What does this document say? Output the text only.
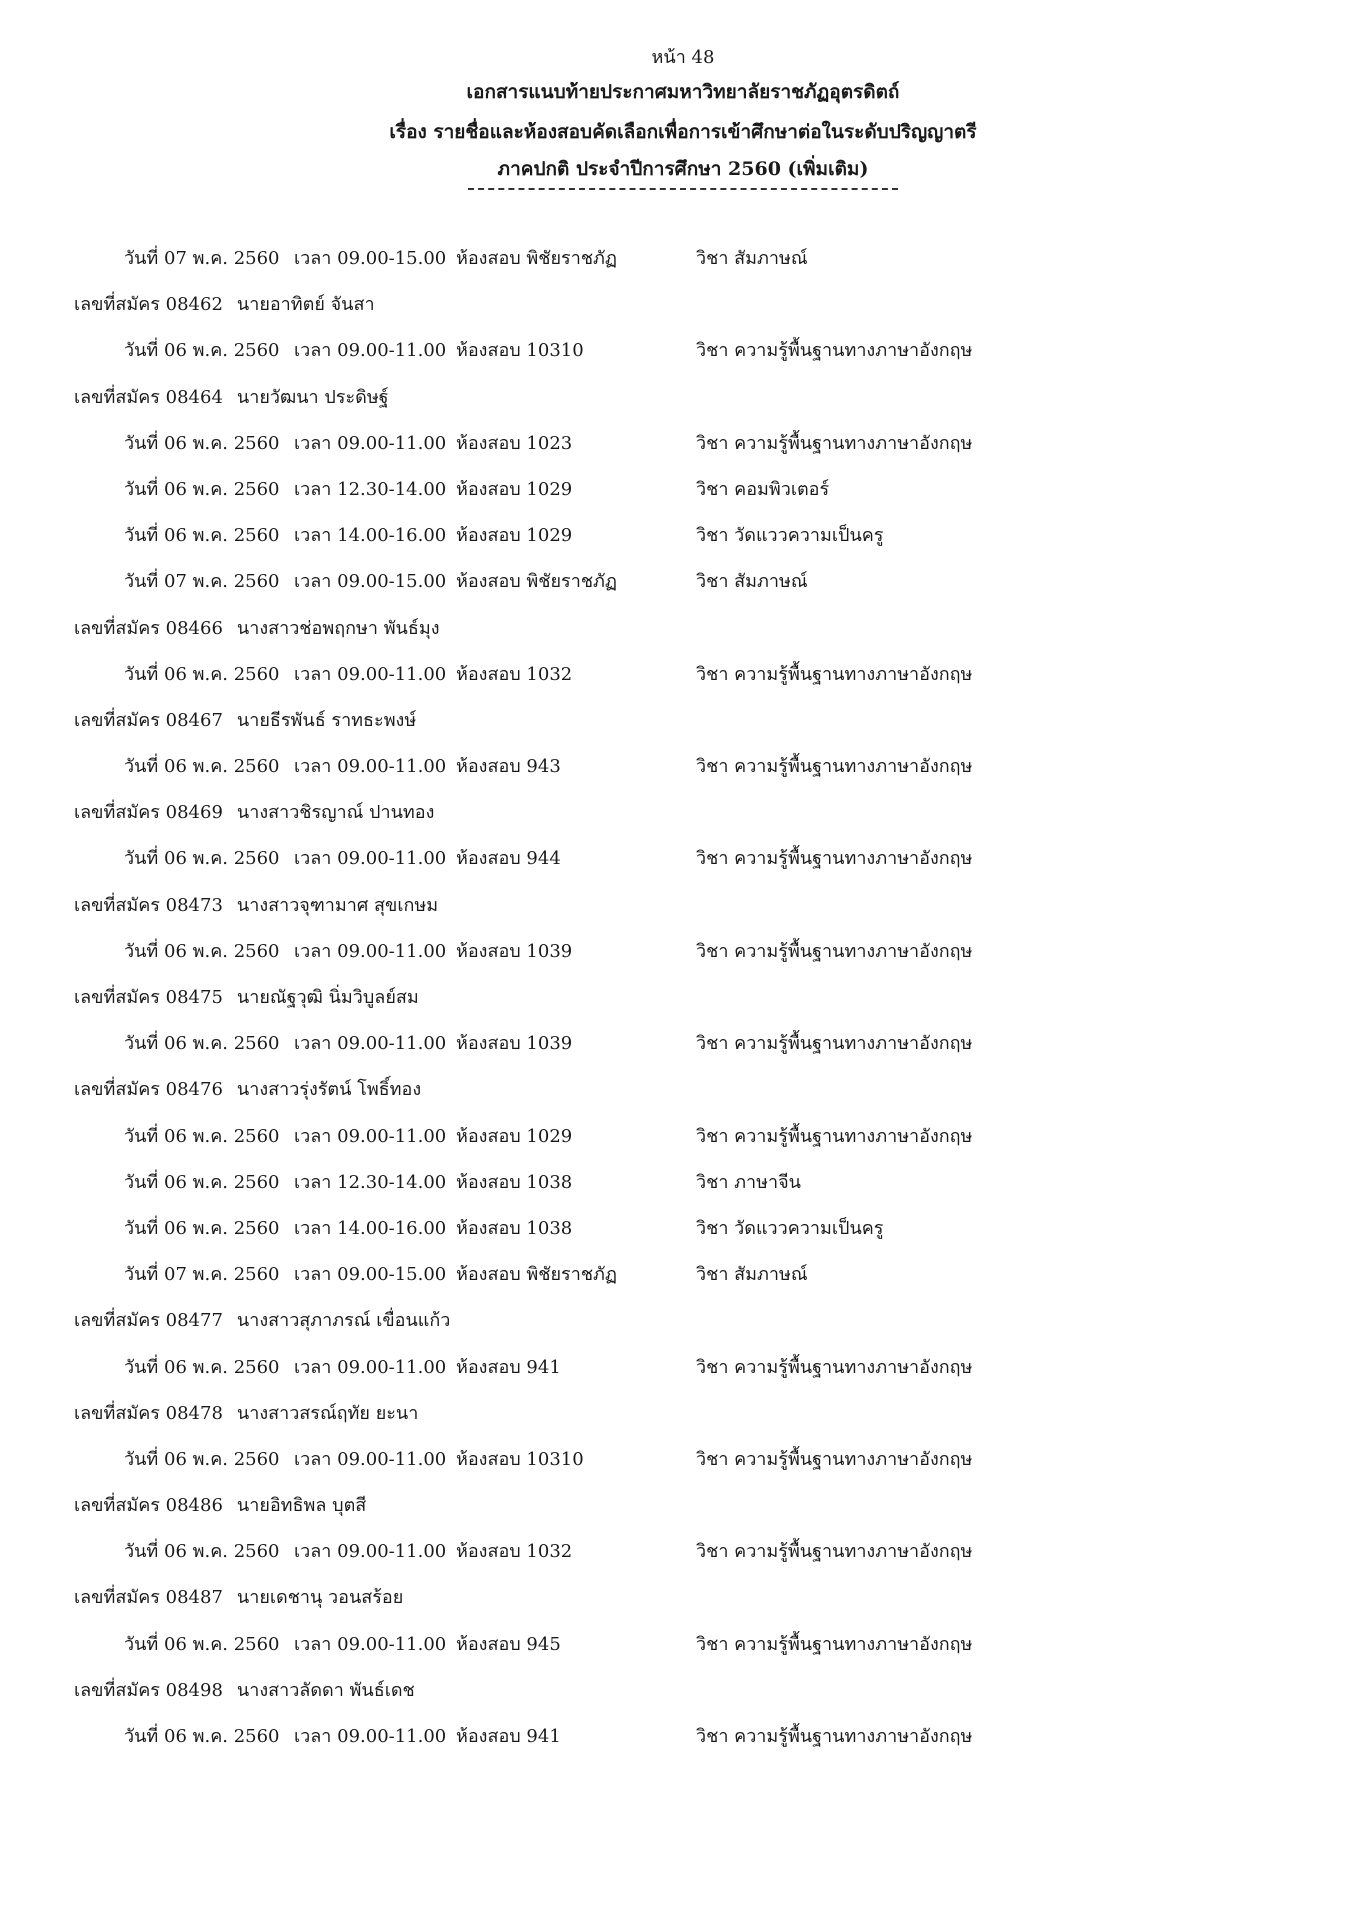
หน้า 48
เอกสารแนบท้ายประกาศมหาวิทยาลัยราชภัฏอุตรดิตถ์
เรื่อง รายชื่อและห้องสอบคัดเลือกเพื่อการเข้าศึกษาต่อในระดับปริญญาตรี
ภาคปกติ ประจำปีการศึกษา 2560 (เพิ่มเติม)
วันที่ 07 พ.ค. 2560 เวลา 09.00-15.00 ห้องสอบ พิชัยราชภัฏ	วิชา สัมภาษณ์
เลขที่สมัคร 08462 นายอาทิตย์ จันสา
วันที่ 06 พ.ค. 2560 เวลา 09.00-11.00 ห้องสอบ 10310	วิชา ความรู้พื้นฐานทางภาษาอังกฤษ
เลขที่สมัคร 08464 นายวัฒนา ประดิษฐ์
วันที่ 06 พ.ค. 2560 เวลา 09.00-11.00 ห้องสอบ 1023	วิชา ความรู้พื้นฐานทางภาษาอังกฤษ
วันที่ 06 พ.ค. 2560 เวลา 12.30-14.00 ห้องสอบ 1029	วิชา คอมพิวเตอร์
วันที่ 06 พ.ค. 2560 เวลา 14.00-16.00 ห้องสอบ 1029	วิชา วัดแววความเป็นครู
วันที่ 07 พ.ค. 2560 เวลา 09.00-15.00 ห้องสอบ พิชัยราชภัฏ	วิชา สัมภาษณ์
เลขที่สมัคร 08466 นางสาวช่อพฤกษา พันธ์มุง
วันที่ 06 พ.ค. 2560 เวลา 09.00-11.00 ห้องสอบ 1032	วิชา ความรู้พื้นฐานทางภาษาอังกฤษ
เลขที่สมัคร 08467 นายธีรพันธ์ ราทธะพงษ์
วันที่ 06 พ.ค. 2560 เวลา 09.00-11.00 ห้องสอบ 943	วิชา ความรู้พื้นฐานทางภาษาอังกฤษ
เลขที่สมัคร 08469 นางสาวชิรญาณ์ ปานทอง
วันที่ 06 พ.ค. 2560 เวลา 09.00-11.00 ห้องสอบ 944	วิชา ความรู้พื้นฐานทางภาษาอังกฤษ
เลขที่สมัคร 08473 นางสาวจุฑามาศ สุขเกษม
วันที่ 06 พ.ค. 2560 เวลา 09.00-11.00 ห้องสอบ 1039	วิชา ความรู้พื้นฐานทางภาษาอังกฤษ
เลขที่สมัคร 08475 นายณัฐวุฒิ นิ่มวิบูลย์สม
วันที่ 06 พ.ค. 2560 เวลา 09.00-11.00 ห้องสอบ 1039	วิชา ความรู้พื้นฐานทางภาษาอังกฤษ
เลขที่สมัคร 08476 นางสาวรุ่งรัตน์ โพธิ์ทอง
วันที่ 06 พ.ค. 2560 เวลา 09.00-11.00 ห้องสอบ 1029	วิชา ความรู้พื้นฐานทางภาษาอังกฤษ
วันที่ 06 พ.ค. 2560 เวลา 12.30-14.00 ห้องสอบ 1038	วิชา ภาษาจีน
วันที่ 06 พ.ค. 2560 เวลา 14.00-16.00 ห้องสอบ 1038	วิชา วัดแววความเป็นครู
วันที่ 07 พ.ค. 2560 เวลา 09.00-15.00 ห้องสอบ พิชัยราชภัฏ	วิชา สัมภาษณ์
เลขที่สมัคร 08477 นางสาวสุภาภรณ์ เขื่อนแก้ว
วันที่ 06 พ.ค. 2560 เวลา 09.00-11.00 ห้องสอบ 941	วิชา ความรู้พื้นฐานทางภาษาอังกฤษ
เลขที่สมัคร 08478 นางสาวสรณ์ฤทัย ยะนา
วันที่ 06 พ.ค. 2560 เวลา 09.00-11.00 ห้องสอบ 10310	วิชา ความรู้พื้นฐานทางภาษาอังกฤษ
เลขที่สมัคร 08486 นายอิทธิพล บุตสี
วันที่ 06 พ.ค. 2560 เวลา 09.00-11.00 ห้องสอบ 1032	วิชา ความรู้พื้นฐานทางภาษาอังกฤษ
เลขที่สมัคร 08487 นายเดชานุ วอนสร้อย
วันที่ 06 พ.ค. 2560 เวลา 09.00-11.00 ห้องสอบ 945	วิชา ความรู้พื้นฐานทางภาษาอังกฤษ
เลขที่สมัคร 08498 นางสาวลัดดา พันธ์เดช
วันที่ 06 พ.ค. 2560 เวลา 09.00-11.00 ห้องสอบ 941	วิชา ความรู้พื้นฐานทางภาษาอังกฤษ
